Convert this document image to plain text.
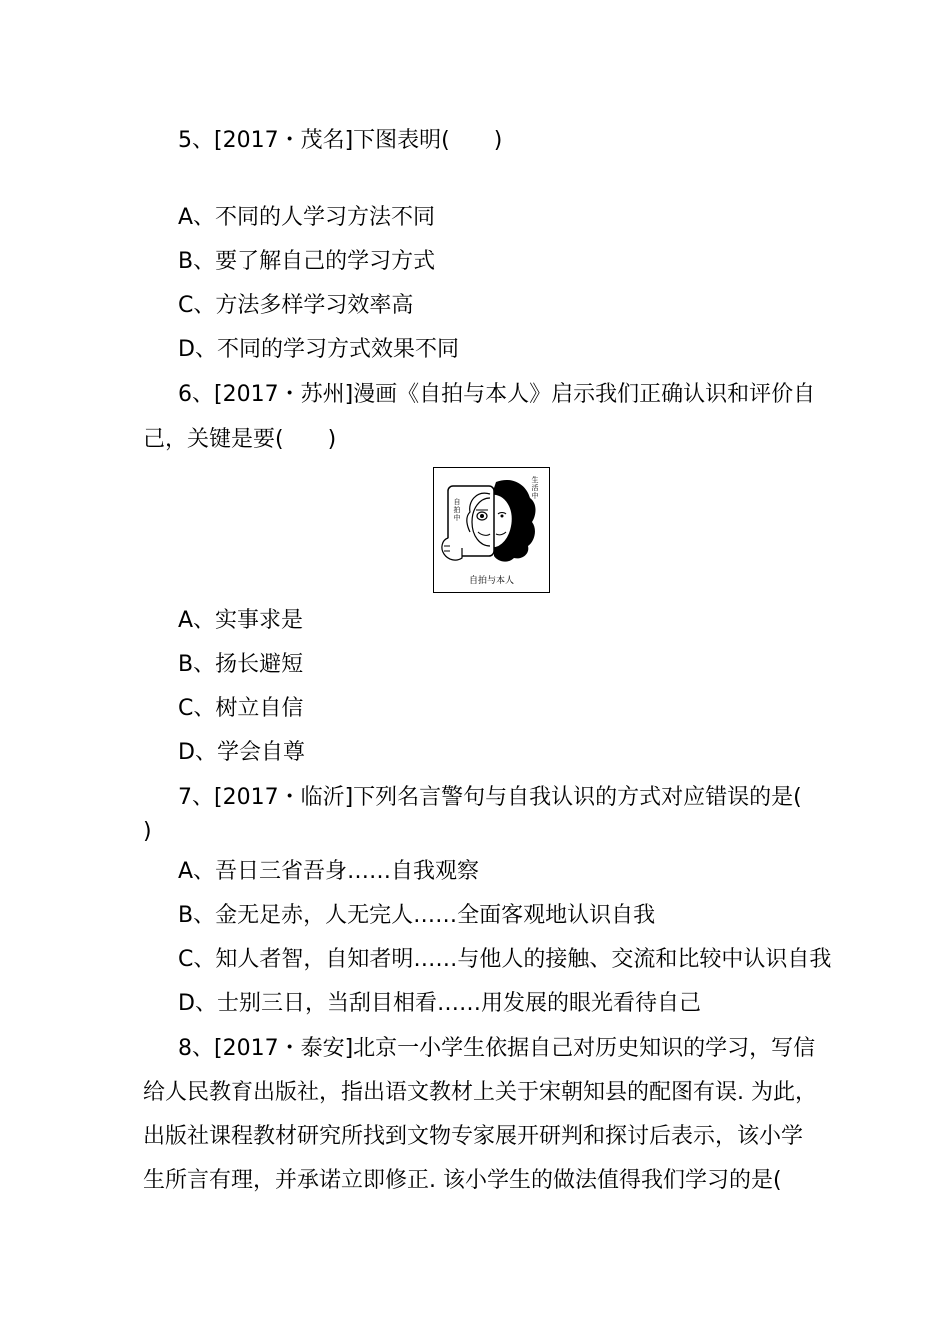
5、[2017・茂名]下图表明(　　)
A、不同的人学习方法不同
B、要了解自己的学习方式
C、方法多样学习效率高
D、不同的学习方式效果不同
6、[2017・苏州]漫画《自拍与本人》启示我们正确认识和评价自
己，关键是要(　　)
自拍中
生活中
自拍与本人
A、实事求是
B、扬长避短
C、树立自信
D、学会自尊
7、[2017・临沂]下列名言警句与自我认识的方式对应错误的是(
)
A、吾日三省吾身……自我观察
B、金无足赤，人无完人……全面客观地认识自我
C、知人者智，自知者明……与他人的接触、交流和比较中认识自我
D、士别三日，当刮目相看……用发展的眼光看待自己
8、[2017・泰安]北京一小学生依据自己对历史知识的学习，写信
给人民教育出版社，指出语文教材上关于宋朝知县的配图有误. 为此，
出版社课程教材研究所找到文物专家展开研判和探讨后表示，该小学
生所言有理，并承诺立即修正. 该小学生的做法值得我们学习的是(
